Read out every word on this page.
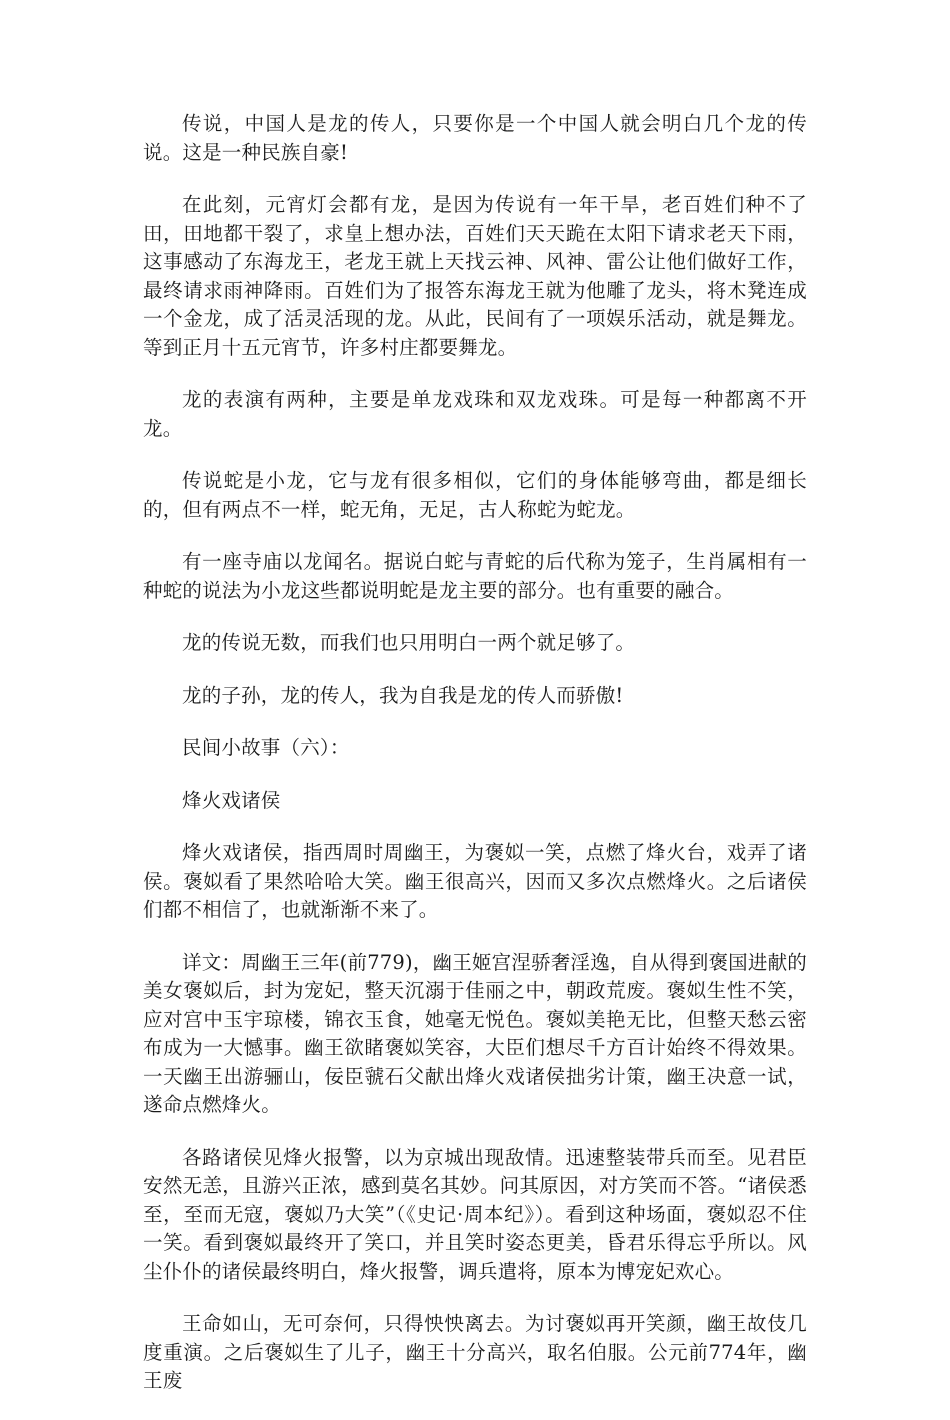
传说，中国人是龙的传人，只要你是一个中国人就会明白几个龙的传说。这是一种民族自豪!

在此刻，元宵灯会都有龙，是因为传说有一年干旱，老百姓们种不了田，田地都干裂了，求皇上想办法，百姓们天天跪在太阳下请求老天下雨，这事感动了东海龙王，老龙王就上天找云神、风神、雷公让他们做好工作，最终请求雨神降雨。百姓们为了报答东海龙王就为他雕了龙头，将木凳连成一个金龙，成了活灵活现的龙。从此，民间有了一项娱乐活动，就是舞龙。等到正月十五元宵节，许多村庄都要舞龙。

龙的表演有两种，主要是单龙戏珠和双龙戏珠。可是每一种都离不开龙。

传说蛇是小龙，它与龙有很多相似，它们的身体能够弯曲，都是细长的，但有两点不一样，蛇无角，无足，古人称蛇为蛇龙。

有一座寺庙以龙闻名。据说白蛇与青蛇的后代称为笼子，生肖属相有一种蛇的说法为小龙这些都说明蛇是龙主要的部分。也有重要的融合。

龙的传说无数，而我们也只用明白一两个就足够了。

龙的子孙，龙的传人，我为自我是龙的传人而骄傲!

民间小故事（六）：

烽火戏诸侯

烽火戏诸侯，指西周时周幽王，为褒姒一笑，点燃了烽火台，戏弄了诸侯。褒姒看了果然哈哈大笑。幽王很高兴，因而又多次点燃烽火。之后诸侯们都不相信了，也就渐渐不来了。

详文：周幽王三年(前779)，幽王姬宫涅骄奢淫逸，自从得到褒国进献的美女褒姒后，封为宠妃，整天沉溺于佳丽之中，朝政荒废。褒姒生性不笑，应对宫中玉宇琼楼，锦衣玉食，她毫无悦色。褒姒美艳无比，但整天愁云密布成为一大憾事。幽王欲睹褒姒笑容，大臣们想尽千方百计始终不得效果。一天幽王出游骊山，佞臣虢石父献出烽火戏诸侯拙劣计策，幽王决意一试，遂命点燃烽火。

各路诸侯见烽火报警，以为京城出现敌情。迅速整装带兵而至。见君臣安然无恙，且游兴正浓，感到莫名其妙。问其原因，对方笑而不答。“诸侯悉至，至而无寇，褒姒乃大笑”（《史记·周本纪》）。看到这种场面，褒姒忍不住一笑。看到褒姒最终开了笑口，并且笑时姿态更美，昏君乐得忘乎所以。风尘仆仆的诸侯最终明白，烽火报警，调兵遣将，原本为博宠妃欢心。

王命如山，无可奈何，只得怏怏离去。为讨褒姒再开笑颜，幽王故伎几度重演。之后褒姒生了儿子，幽王十分高兴，取名伯服。公元前774年，幽王废
